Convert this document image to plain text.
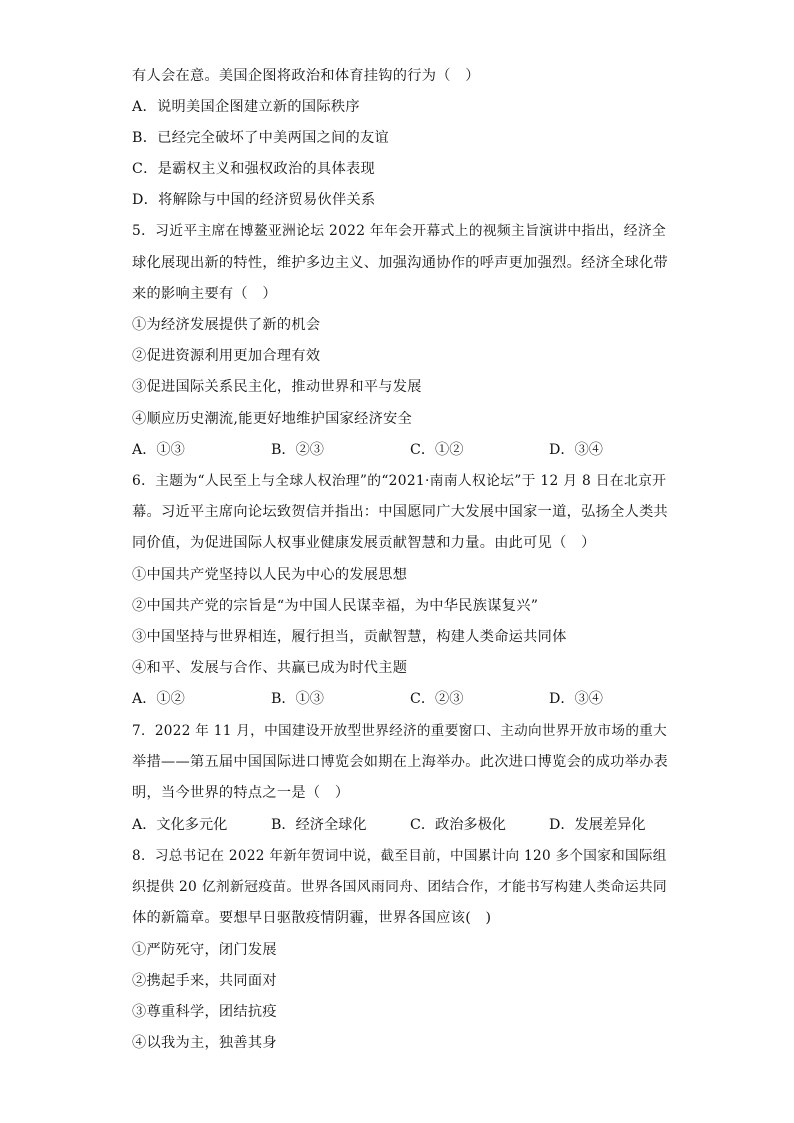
有人会在意。美国企图将政治和体育挂钩的行为（　）
A．说明美国企图建立新的国际秩序
B．已经完全破坏了中美两国之间的友谊
C．是霸权主义和强权政治的具体表现
D．将解除与中国的经济贸易伙伴关系
5．习近平主席在博鳌亚洲论坛 2022 年年会开幕式上的视频主旨演讲中指出，经济全
球化展现出新的特性，维护多边主义、加强沟通协作的呼声更加强烈。经济全球化带
来的影响主要有（　）
①为经济发展提供了新的机会
②促进资源利用更加合理有效
③促进国际关系民主化，推动世界和平与发展
④顺应历史潮流,能更好地维护国家经济安全
A．①③	B．②③	C．①②	D．③④
6．主题为“人民至上与全球人权治理”的“2021·南南人权论坛”于 12 月 8 日在北京开
幕。习近平主席向论坛致贺信并指出：中国愿同广大发展中国家一道，弘扬全人类共
同价值，为促进国际人权事业健康发展贡献智慧和力量。由此可见（　）
①中国共产党坚持以人民为中心的发展思想
②中国共产党的宗旨是“为中国人民谋幸福，为中华民族谋复兴”
③中国坚持与世界相连，履行担当，贡献智慧，构建人类命运共同体
④和平、发展与合作、共赢已成为时代主题
A．①②	B．①③	C．②③	D．③④
7．2022 年 11 月，中国建设开放型世界经济的重要窗口、主动向世界开放市场的重大
举措——第五届中国国际进口博览会如期在上海举办。此次进口博览会的成功举办表
明，当今世界的特点之一是（　）
A．文化多元化	B．经济全球化	C．政治多极化	D．发展差异化
8．习总书记在 2022 年新年贺词中说，截至目前，中国累计向 120 多个国家和国际组
织提供 20 亿剂新冠疫苗。世界各国风雨同舟、团结合作，才能书写构建人类命运共同
体的新篇章。要想早日驱散疫情阴霾，世界各国应该(　)
①严防死守，闭门发展
②携起手来，共同面对
③尊重科学，团结抗疫
④以我为主，独善其身
